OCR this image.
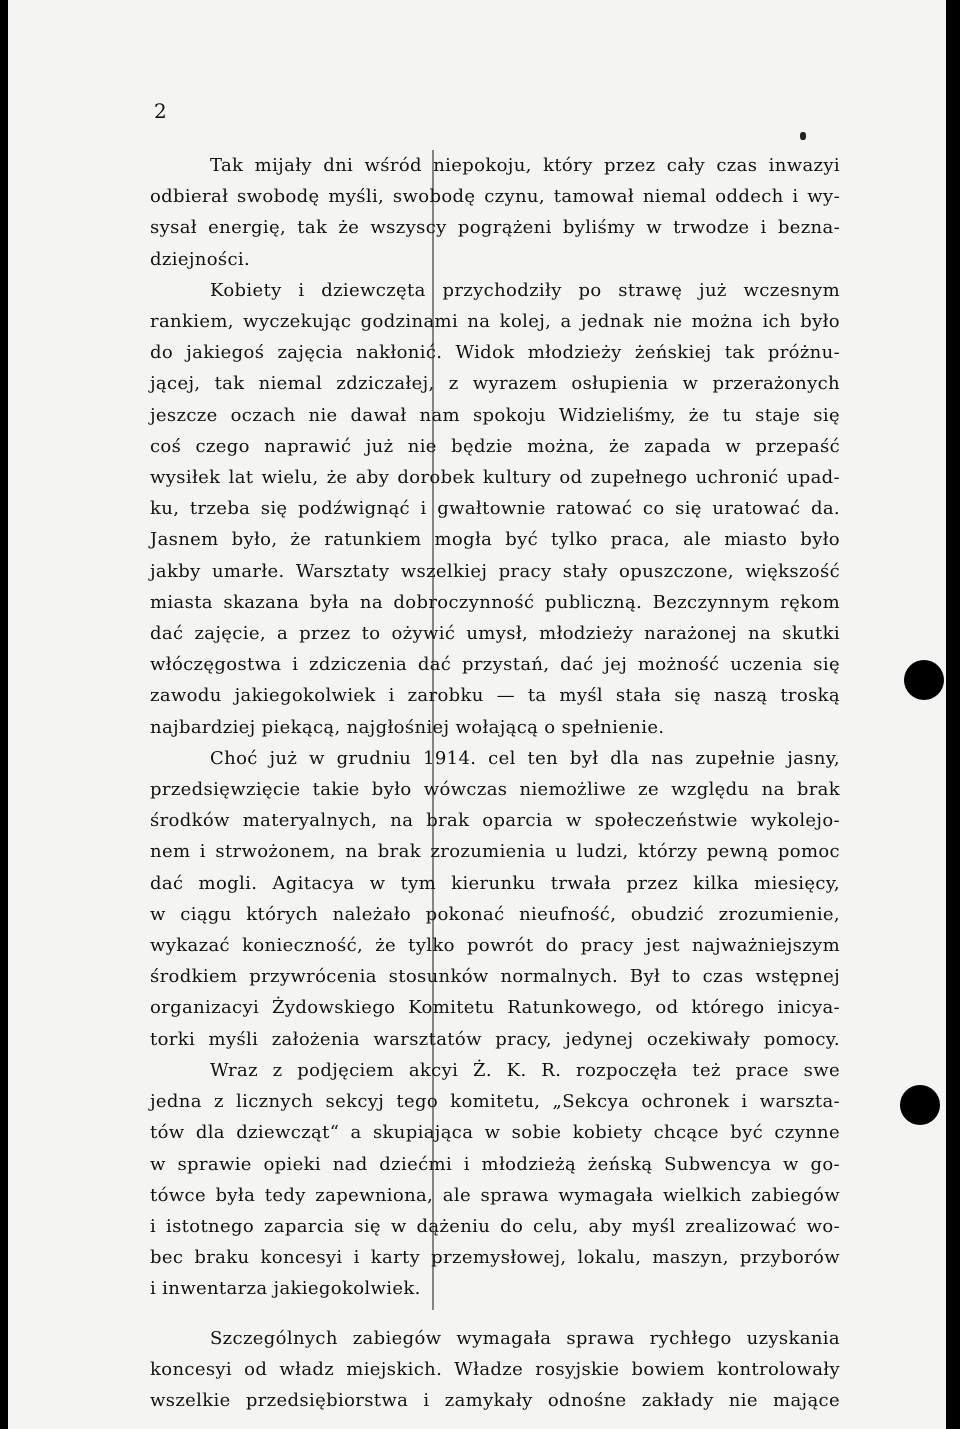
2
Tak mijały dni wśród niepokoju, który przez cały czas inwazyi
odbierał swobodę myśli, swobodę czynu, tamował niemal oddech i wy-
sysał energię, tak że wszyscy pogrążeni byliśmy w trwodze i bezna-
dziejności.
Kobiety i dziewczęta przychodziły po strawę już wczesnym
rankiem, wyczekując godzinami na kolej, a jednak nie można ich było
do jakiegoś zajęcia nakłonić. Widok młodzieży żeńskiej tak próżnu-
jącej, tak niemal zdziczałej, z wyrazem osłupienia w przerażonych
jeszcze oczach nie dawał nam spokoju Widzieliśmy, że tu staje się
coś czego naprawić już nie będzie można, że zapada w przepaść
wysiłek lat wielu, że aby dorobek kultury od zupełnego uchronić upad-
ku, trzeba się podźwignąć i gwałtownie ratować co się uratować da.
Jasnem było, że ratunkiem mogła być tylko praca, ale miasto było
jakby umarłe. Warsztaty wszelkiej pracy stały opuszczone, większość
miasta skazana była na dobroczynność publiczną. Bezczynnym rękom
dać zajęcie, a przez to ożywić umysł, młodzieży narażonej na skutki
włóczęgostwa i zdziczenia dać przystań, dać jej możność uczenia się
zawodu jakiegokolwiek i zarobku — ta myśl stała się naszą troską
najbardziej piekącą, najgłośniej wołającą o spełnienie.
Choć już w grudniu 1914. cel ten był dla nas zupełnie jasny,
przedsięwzięcie takie było wówczas niemożliwe ze względu na brak
środków materyalnych, na brak oparcia w społeczeństwie wykolejo-
nem i strwożonem, na brak zrozumienia u ludzi, którzy pewną pomoc
dać mogli. Agitacya w tym kierunku trwała przez kilka miesięcy,
w ciągu których należało pokonać nieufność, obudzić zrozumienie,
wykazać konieczność, że tylko powrót do pracy jest najważniejszym
środkiem przywrócenia stosunków normalnych. Był to czas wstępnej
organizacyi Żydowskiego Komitetu Ratunkowego, od którego inicya-
torki myśli założenia warsztatów pracy, jedynej oczekiwały pomocy.
Wraz z podjęciem akcyi Ż. K. R. rozpoczęła też prace swe
jedna z licznych sekcyj tego komitetu, „Sekcya ochronek i warszta-
tów dla dziewcząt“ a skupiająca w sobie kobiety chcące być czynne
w sprawie opieki nad dziećmi i młodzieżą żeńską Subwencya w go-
tówce była tedy zapewniona, ale sprawa wymagała wielkich zabiegów
i istotnego zaparcia się w dążeniu do celu, aby myśl zrealizować wo-
bec braku koncesyi i karty przemysłowej, lokalu, maszyn, przyborów
i inwentarza jakiegokolwiek.
Szczególnych zabiegów wymagała sprawa rychłego uzyskania
koncesyi od władz miejskich. Władze rosyjskie bowiem kontrolowały
wszelkie przedsiębiorstwa i zamykały odnośne zakłady nie mające
